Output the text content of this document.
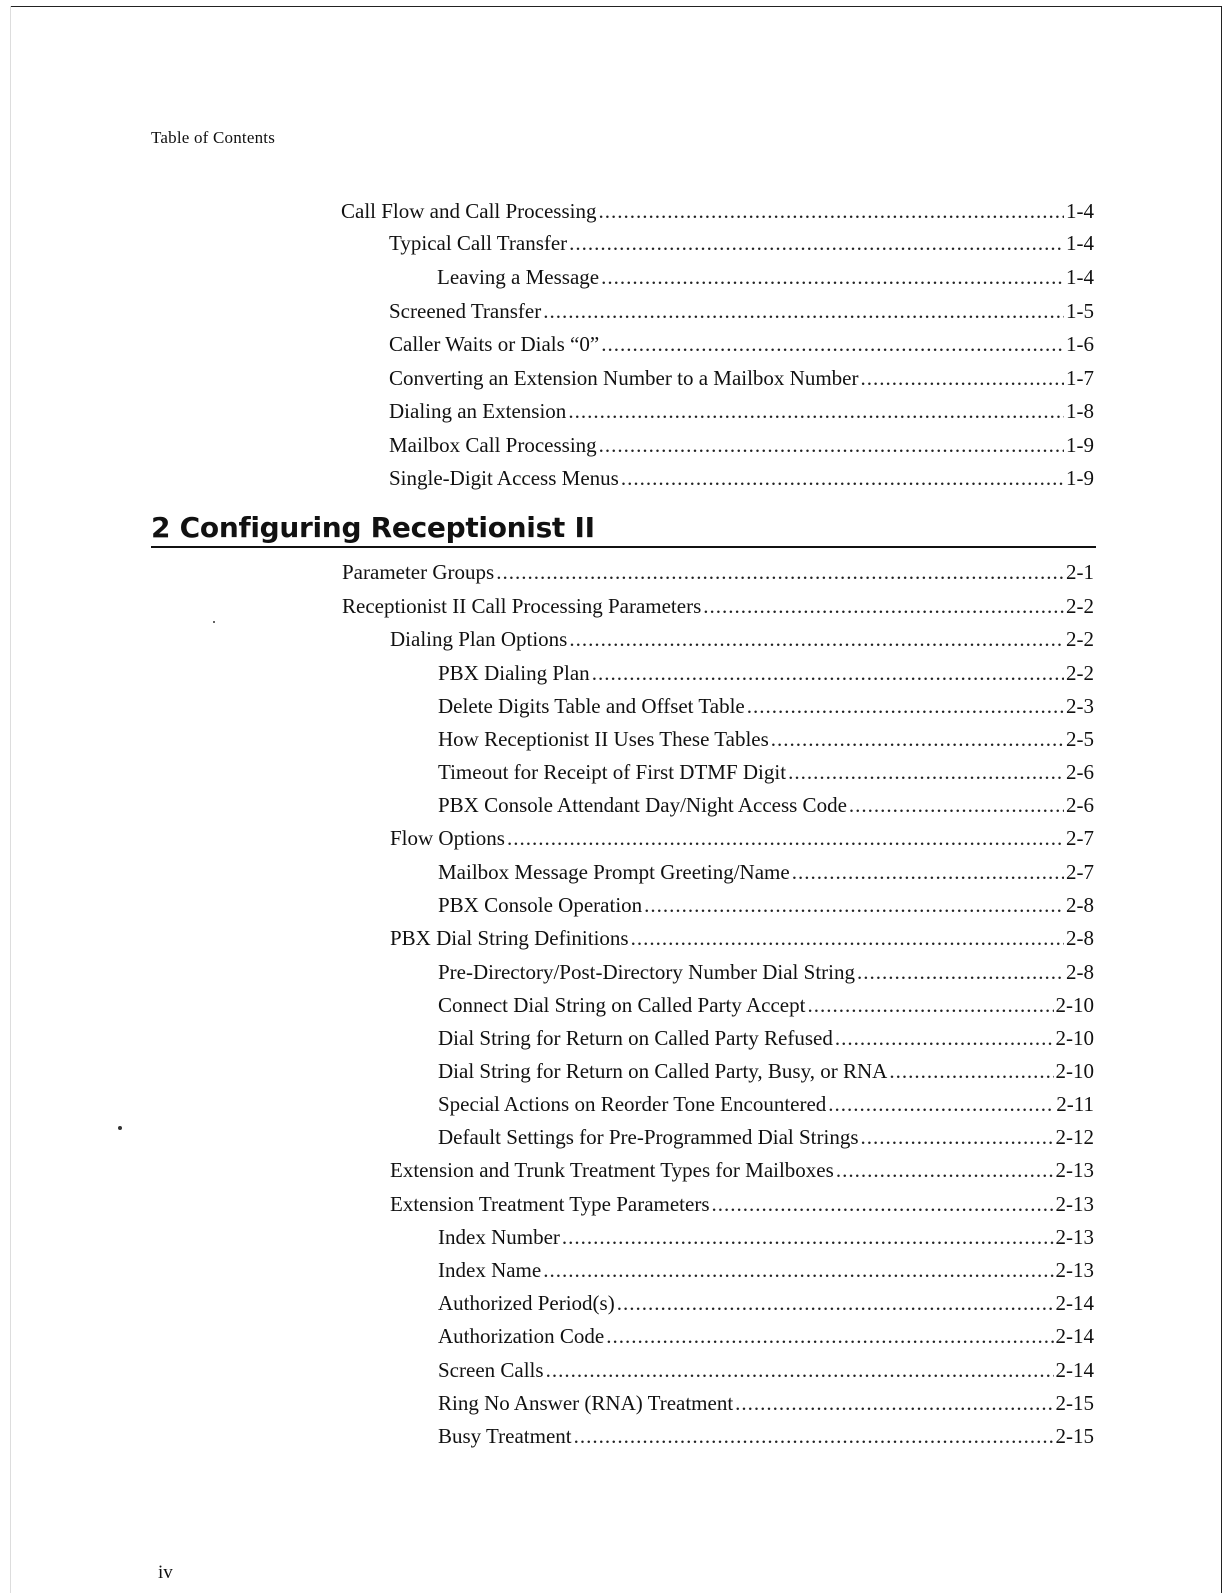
Table of Contents
2 Configuring Receptionist II
Call Flow and Call Processing .....	1-4
Typical Call Transfer .....	1-4
Leaving a Message .....	1-4
Screened Transfer .....	1-5
Caller Waits or Dials “0” .....	1-6
Converting an Extension Number to a Mailbox Number .....	1-7
Dialing an Extension .....	1-8
Mailbox Call Processing .....	1-9
Single-Digit Access Menus .....	1-9
Parameter Groups .....	2-1
Receptionist II Call Processing Parameters .....	2-2
Dialing Plan Options .....	2-2
PBX Dialing Plan .....	2-2
Delete Digits Table and Offset Table .....	2-3
How Receptionist II Uses These Tables .....	2-5
Timeout for Receipt of First DTMF Digit .....	2-6
PBX Console Attendant Day/Night Access Code .....	2-6
Flow Options .....	2-7
Mailbox Message Prompt Greeting/Name .....	2-7
PBX Console Operation .....	2-8
PBX Dial String Definitions .....	2-8
Pre-Directory/Post-Directory Number Dial String .....	2-8
Connect Dial String on Called Party Accept .....	2-10
Dial String for Return on Called Party Refused .....	2-10
Dial String for Return on Called Party, Busy, or RNA .....	2-10
Special Actions on Reorder Tone Encountered .....	2-11
Default Settings for Pre-Programmed Dial Strings .....	2-12
Extension and Trunk Treatment Types for Mailboxes .....	2-13
Extension Treatment Type Parameters .....	2-13
Index Number .....	2-13
Index Name .....	2-13
Authorized Period(s) .....	2-14
Authorization Code .....	2-14
Screen Calls .....	2-14
Ring No Answer (RNA) Treatment .....	2-15
Busy Treatment .....	2-15
iv
